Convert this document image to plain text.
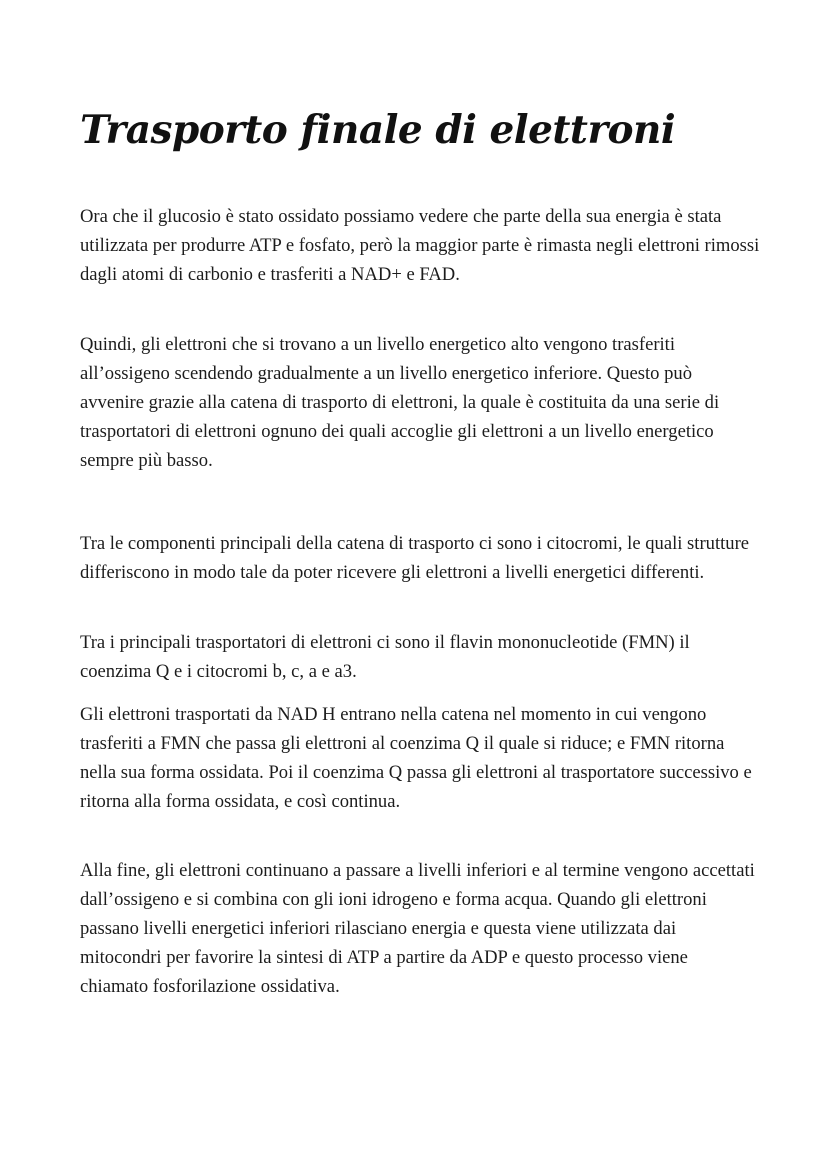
Trasporto finale di elettroni

Ora che il glucosio è stato ossidato possiamo vedere che parte della sua energia è stata utilizzata per produrre ATP e fosfato, però la maggior parte è rimasta negli elettroni rimossi dagli atomi di carbonio e trasferiti a NAD+ e FAD.

Quindi, gli elettroni che si trovano a un livello energetico alto vengono trasferiti all’ossigeno scendendo gradualmente a un livello energetico inferiore. Questo può avvenire grazie alla catena di trasporto di elettroni, la quale è costituita da una serie di trasportatori di elettroni ognuno dei quali accoglie gli elettroni a un livello energetico sempre più basso.

Tra le componenti principali della catena di trasporto ci sono i citocromi, le quali strutture differiscono in modo tale da poter ricevere gli elettroni a livelli energetici differenti.

Tra i principali trasportatori di elettroni ci sono il flavin mononucleotide (FMN) il coenzima Q e i citocromi b, c, a e a3.

Gli elettroni trasportati da NAD H entrano nella catena nel momento in cui vengono trasferiti a FMN che passa gli elettroni al coenzima Q il quale si riduce; e FMN ritorna nella sua forma ossidata. Poi il coenzima Q passa gli elettroni al trasportatore successivo e ritorna alla forma ossidata, e così continua.

Alla fine, gli elettroni continuano a passare a livelli inferiori e al termine vengono accettati dall’ossigeno e si combina con gli ioni idrogeno e forma acqua. Quando gli elettroni passano livelli energetici inferiori rilasciano energia e questa viene utilizzata dai mitocondri per favorire la sintesi di ATP a partire da ADP e questo processo viene chiamato fosforilazione ossidativa.
